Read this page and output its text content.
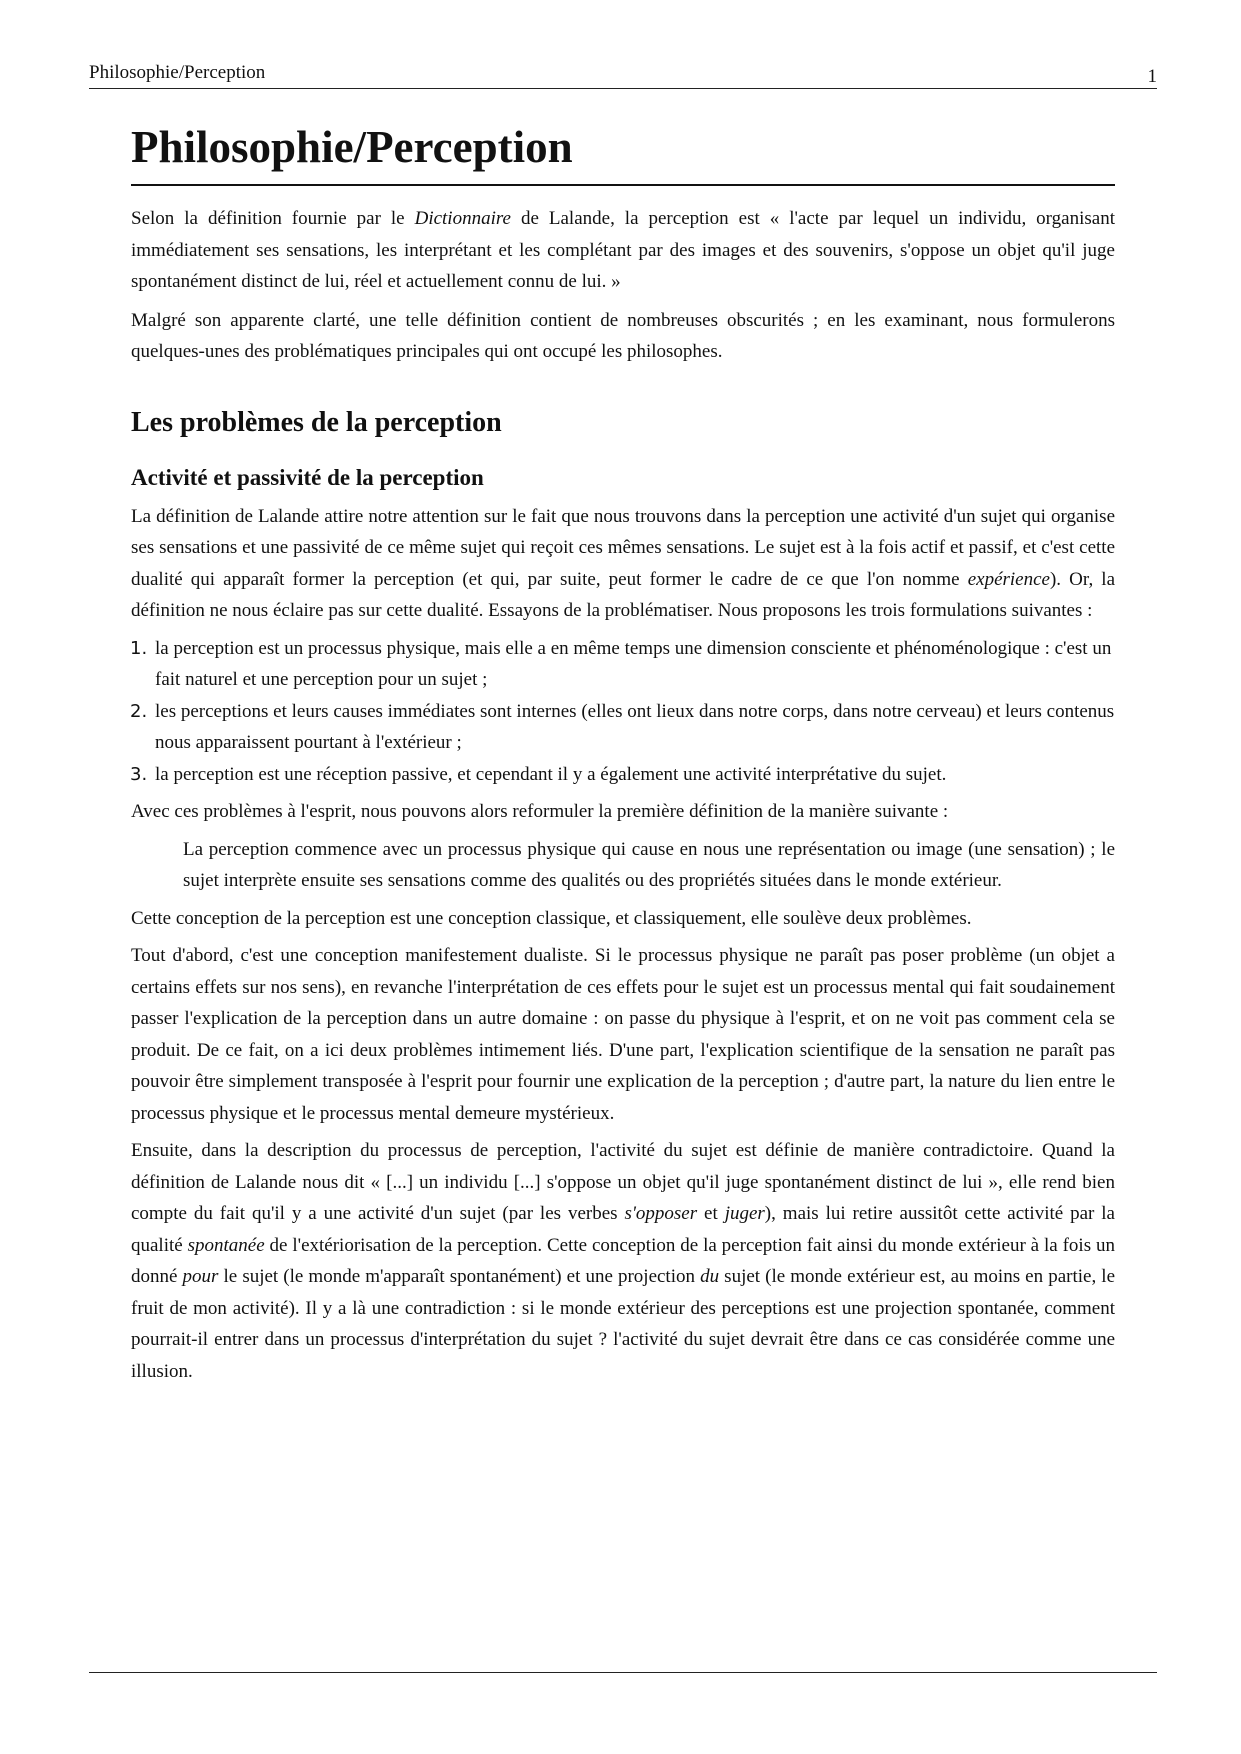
Philosophie/Perception	1
Philosophie/Perception

Selon la définition fournie par le Dictionnaire de Lalande, la perception est « l'acte par lequel un individu, organisant immédiatement ses sensations, les interprétant et les complétant par des images et des souvenirs, s'oppose un objet qu'il juge spontanément distinct de lui, réel et actuellement connu de lui. »

Malgré son apparente clarté, une telle définition contient de nombreuses obscurités ; en les examinant, nous formulerons quelques-unes des problématiques principales qui ont occupé les philosophes.

Les problèmes de la perception
Activité et passivité de la perception

La définition de Lalande attire notre attention sur le fait que nous trouvons dans la perception une activité d'un sujet qui organise ses sensations et une passivité de ce même sujet qui reçoit ces mêmes sensations. Le sujet est à la fois actif et passif, et c'est cette dualité qui apparaît former la perception (et qui, par suite, peut former le cadre de ce que l'on nomme expérience). Or, la définition ne nous éclaire pas sur cette dualité. Essayons de la problématiser. Nous proposons les trois formulations suivantes :

1. la perception est un processus physique, mais elle a en même temps une dimension consciente et phénoménologique : c'est un fait naturel et une perception pour un sujet ;
2. les perceptions et leurs causes immédiates sont internes (elles ont lieux dans notre corps, dans notre cerveau) et leurs contenus nous apparaissent pourtant à l'extérieur ;
3. la perception est une réception passive, et cependant il y a également une activité interprétative du sujet.

Avec ces problèmes à l'esprit, nous pouvons alors reformuler la première définition de la manière suivante :

La perception commence avec un processus physique qui cause en nous une représentation ou image (une sensation) ; le sujet interprète ensuite ses sensations comme des qualités ou des propriétés situées dans le monde extérieur.

Cette conception de la perception est une conception classique, et classiquement, elle soulève deux problèmes.

Tout d'abord, c'est une conception manifestement dualiste. Si le processus physique ne paraît pas poser problème (un objet a certains effets sur nos sens), en revanche l'interprétation de ces effets pour le sujet est un processus mental qui fait soudainement passer l'explication de la perception dans un autre domaine : on passe du physique à l'esprit, et on ne voit pas comment cela se produit. De ce fait, on a ici deux problèmes intimement liés. D'une part, l'explication scientifique de la sensation ne paraît pas pouvoir être simplement transposée à l'esprit pour fournir une explication de la perception ; d'autre part, la nature du lien entre le processus physique et le processus mental demeure mystérieux.

Ensuite, dans la description du processus de perception, l'activité du sujet est définie de manière contradictoire. Quand la définition de Lalande nous dit « [...] un individu [...] s'oppose un objet qu'il juge spontanément distinct de lui », elle rend bien compte du fait qu'il y a une activité d'un sujet (par les verbes s'opposer et juger), mais lui retire aussitôt cette activité par la qualité spontanée de l'extériorisation de la perception. Cette conception de la perception fait ainsi du monde extérieur à la fois un donné pour le sujet (le monde m'apparaît spontanément) et une projection du sujet (le monde extérieur est, au moins en partie, le fruit de mon activité). Il y a là une contradiction : si le monde extérieur des perceptions est une projection spontanée, comment pourrait-il entrer dans un processus d'interprétation du sujet ? l'activité du sujet devrait être dans ce cas considérée comme une illusion.
